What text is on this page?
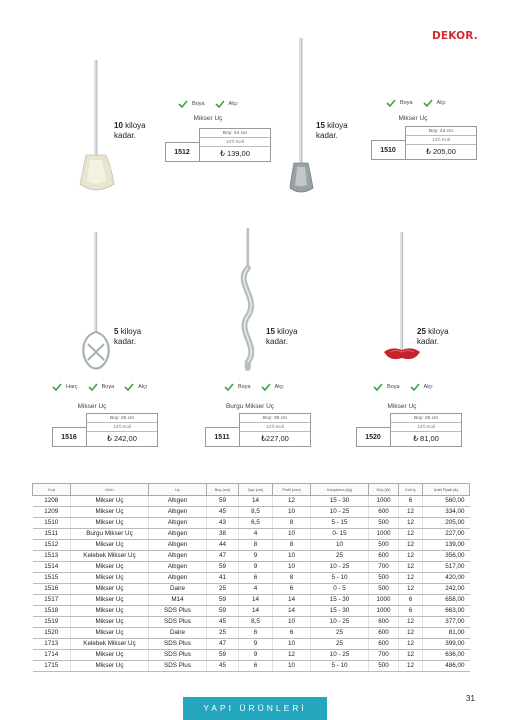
DEKOR.
10 kiloya
kadar.
15 kiloya
kadar.
5 kiloya
kadar.
15 kiloya
kadar.
25 kiloya
kadar.
Boya	Alçı	Boya	Alçı
Harç	Boya	Alçı	Boya	Alçı	Boya	Alçı
Mikser Uç	Mikser Uç
Mikser Uç	Burgu Mikser Uç	Mikser Uç
1512
Boy: 44 cm
12'li Koli
₺ 139,00	1510
Boy: 43 cm
12'li Koli
₺ 205,00
1516
Boy: 25 cm
12'li Koli
₺ 242,00	1511
Boy: 38 cm
12'li Koli
₺227,00	1520
Boy: 25 cm
12'li Koli
₺ 81,00
Kod	Ürün	Uç	Boy (cm)	Çap (cm)	Profil (mm)	Karıştırma (kg)	Güç (W)	Koli İç	Adet Fiyatı (₺)
1208	Mikser Uç	Altıgen	59	14	12	15 - 30	1000	6	560,00
1209	Mikser Uç	Altıgen	45	8,5	10	10 - 25	600	12	334,00
1510	Mikser Uç	Altıgen	43	6,5	8	5 - 15	500	12	205,00
1511	Burgu Mikser Uç	Altıgen	38	4	10	0- 15	1000	12	227,00
1512	Mikser Uç	Altıgen	44	8	8	10	500	12	139,00
1513	Kelebek Mikser Uç	Altıgen	47	9	10	25	600	12	356,00
1514	Mikser Uç	Altıgen	59	9	10	10 - 25	700	12	517,00
1515	Mikser Uç	Altıgen	41	6	8	5 - 10	500	12	420,00
1516	Mikser Uç	Daire	25	4	6	0 - 5	500	12	242,00
1517	Mikser Uç	M14	59	14	14	15 - 30	1000	6	658,00
1518	Mikser Uç	SDS Plus	59	14	14	15 - 30	1000	6	663,00
1519	Mikser Uç	SDS Plus	45	8,5	10	10 - 25	600	12	377,00
1520	Mikser Uç	Daire	25	6	6	25	600	12	81,00
1713	Kelebek Mikser Uç	SDS Plus	47	9	10	25	600	12	399,00
1714	Mikser Uç	SDS Plus	59	9	12	10 - 25	700	12	636,00
1715	Mikser Uç	SDS Plus	45	6	10	5 - 10	500	12	486,00
YAPI ÜRÜNLERİ
31
